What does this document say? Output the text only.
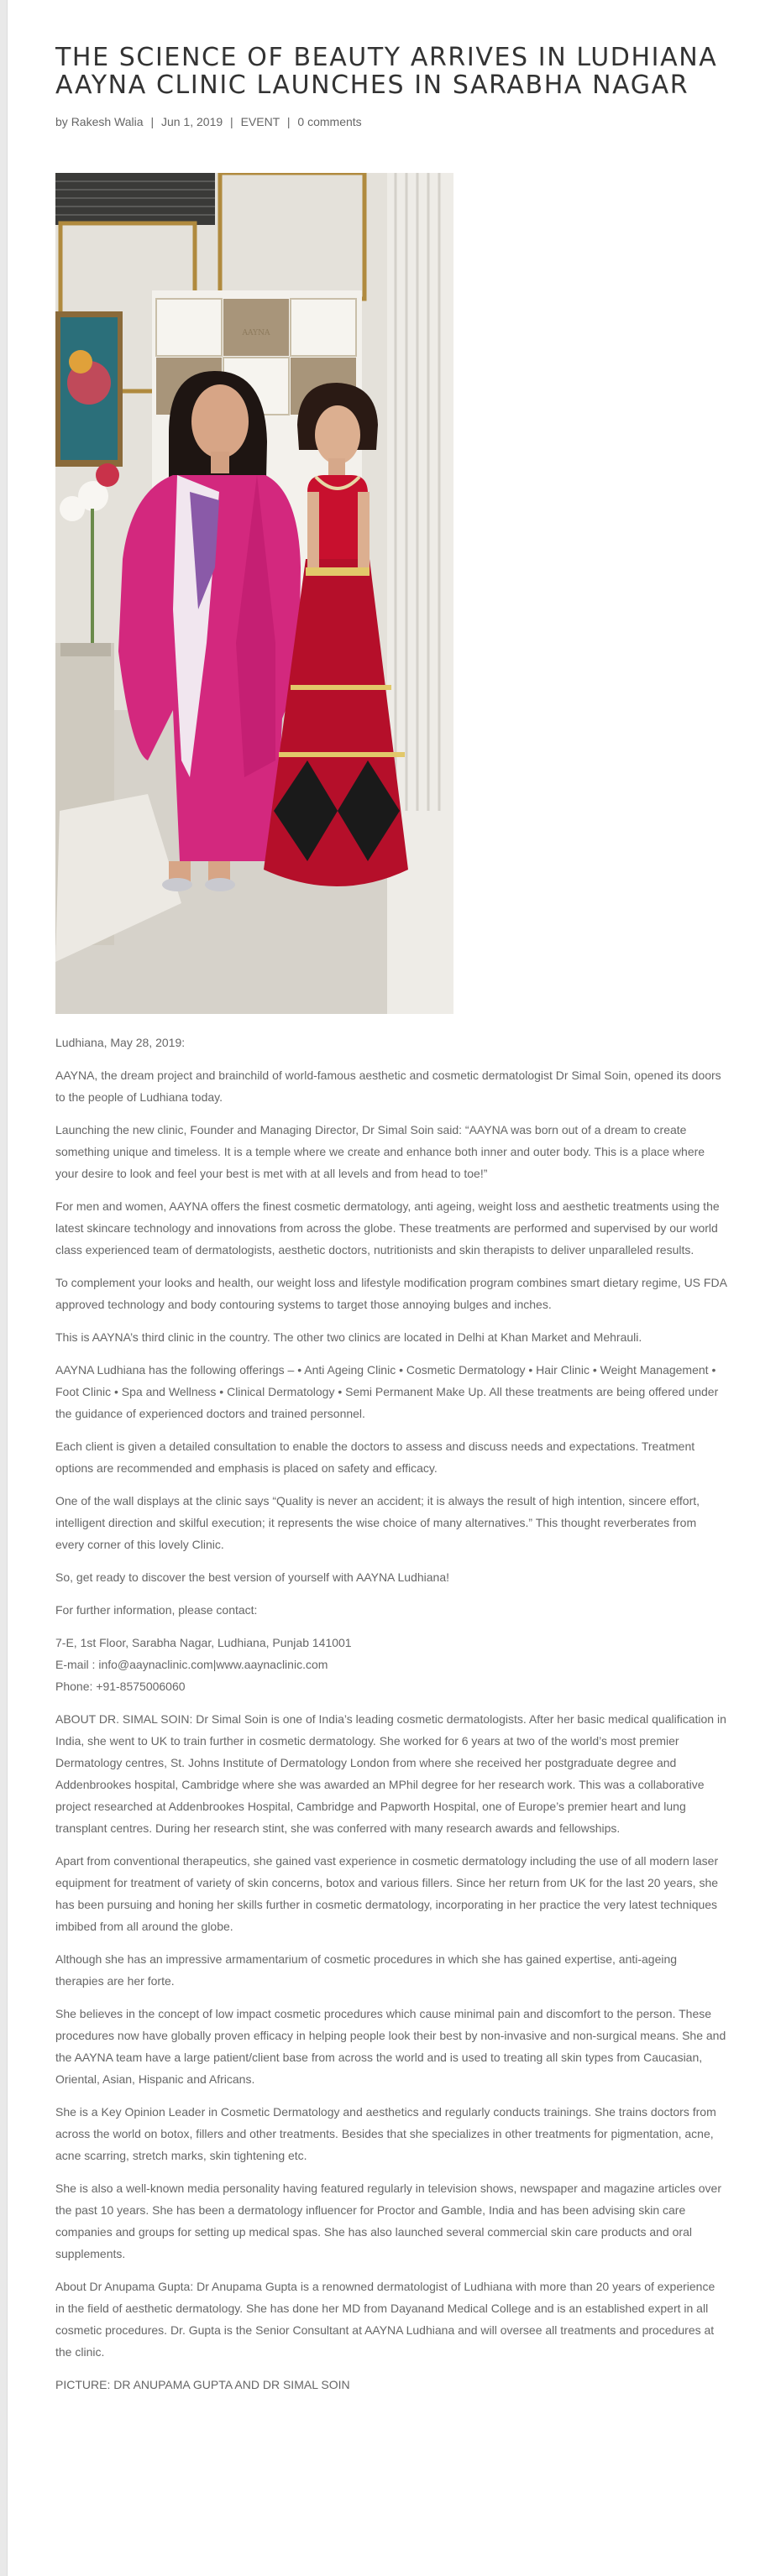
THE SCIENCE OF BEAUTY ARRIVES IN LUDHIANA
AAYNA CLINIC LAUNCHES IN SARABHA NAGAR
by Rakesh Walia | Jun 1, 2019 | EVENT | 0 comments
AAYNA

Ludhiana, May 28, 2019:

AAYNA, the dream project and brainchild of world-famous aesthetic and cosmetic dermatologist Dr Simal Soin, opened its doors to the people of Ludhiana today.

Launching the new clinic, Founder and Managing Director, Dr Simal Soin said: “AAYNA was born out of a dream to create something unique and timeless. It is a temple where we create and enhance both inner and outer body. This is a place where your desire to look and feel your best is met with at all levels and from head to toe!”

For men and women, AAYNA offers the finest cosmetic dermatology, anti ageing, weight loss and aesthetic treatments using the latest skincare technology and innovations from across the globe. These treatments are performed and supervised by our world class experienced team of dermatologists, aesthetic doctors, nutritionists and skin therapists to deliver unparalleled results.

To complement your looks and health, our weight loss and lifestyle modification program combines smart dietary regime, US FDA approved technology and body contouring systems to target those annoying bulges and inches.

This is AAYNA’s third clinic in the country. The other two clinics are located in Delhi at Khan Market and Mehrauli.

AAYNA Ludhiana has the following offerings – • Anti Ageing Clinic • Cosmetic Dermatology • Hair Clinic • Weight Management • Foot Clinic • Spa and Wellness • Clinical Dermatology • Semi Permanent Make Up. All these treatments are being offered under the guidance of experienced doctors and trained personnel.

Each client is given a detailed consultation to enable the doctors to assess and discuss needs and expectations. Treatment options are recommended and emphasis is placed on safety and efficacy.

One of the wall displays at the clinic says “Quality is never an accident; it is always the result of high intention, sincere effort, intelligent direction and skilful execution; it represents the wise choice of many alternatives.” This thought reverberates from every corner of this lovely Clinic.

So, get ready to discover the best version of yourself with AAYNA Ludhiana!

For further information, please contact:

7-E, 1st Floor, Sarabha Nagar, Ludhiana, Punjab 141001

E-mail : info@aaynaclinic.com|www.aaynaclinic.com

Phone: +91-8575006060

ABOUT DR. SIMAL SOIN: Dr Simal Soin is one of India’s leading cosmetic dermatologists. After her basic medical qualification in India, she went to UK to train further in cosmetic dermatology. She worked for 6 years at two of the world’s most premier Dermatology centres, St. Johns Institute of Dermatology London from where she received her postgraduate degree and Addenbrookes hospital, Cambridge where she was awarded an MPhil degree for her research work. This was a collaborative project researched at Addenbrookes Hospital, Cambridge and Papworth Hospital, one of Europe’s premier heart and lung transplant centres. During her research stint, she was conferred with many research awards and fellowships.

Apart from conventional therapeutics, she gained vast experience in cosmetic dermatology including the use of all modern laser equipment for treatment of variety of skin concerns, botox and various fillers. Since her return from UK for the last 20 years, she has been pursuing and honing her skills further in cosmetic dermatology, incorporating in her practice the very latest techniques imbibed from all around the globe.

Although she has an impressive armamentarium of cosmetic procedures in which she has gained expertise, anti-ageing therapies are her forte.

She believes in the concept of low impact cosmetic procedures which cause minimal pain and discomfort to the person. These procedures now have globally proven efficacy in helping people look their best by non-invasive and non-surgical means. She and the AAYNA team have a large patient/client base from across the world and is used to treating all skin types from Caucasian, Oriental, Asian, Hispanic and Africans.

She is a Key Opinion Leader in Cosmetic Dermatology and aesthetics and regularly conducts trainings. She trains doctors from across the world on botox, fillers and other treatments. Besides that she specializes in other treatments for pigmentation, acne, acne scarring, stretch marks, skin tightening etc.

She is also a well-known media personality having featured regularly in television shows, newspaper and magazine articles over the past 10 years. She has been a dermatology influencer for Proctor and Gamble, India and has been advising skin care companies and groups for setting up medical spas. She has also launched several commercial skin care products and oral supplements.

About Dr Anupama Gupta: Dr Anupama Gupta is a renowned dermatologist of Ludhiana with more than 20 years of experience in the field of aesthetic dermatology. She has done her MD from Dayanand Medical College and is an established expert in all cosmetic procedures. Dr. Gupta is the Senior Consultant at AAYNA Ludhiana and will oversee all treatments and procedures at the clinic.

PICTURE: DR ANUPAMA GUPTA AND DR SIMAL SOIN
